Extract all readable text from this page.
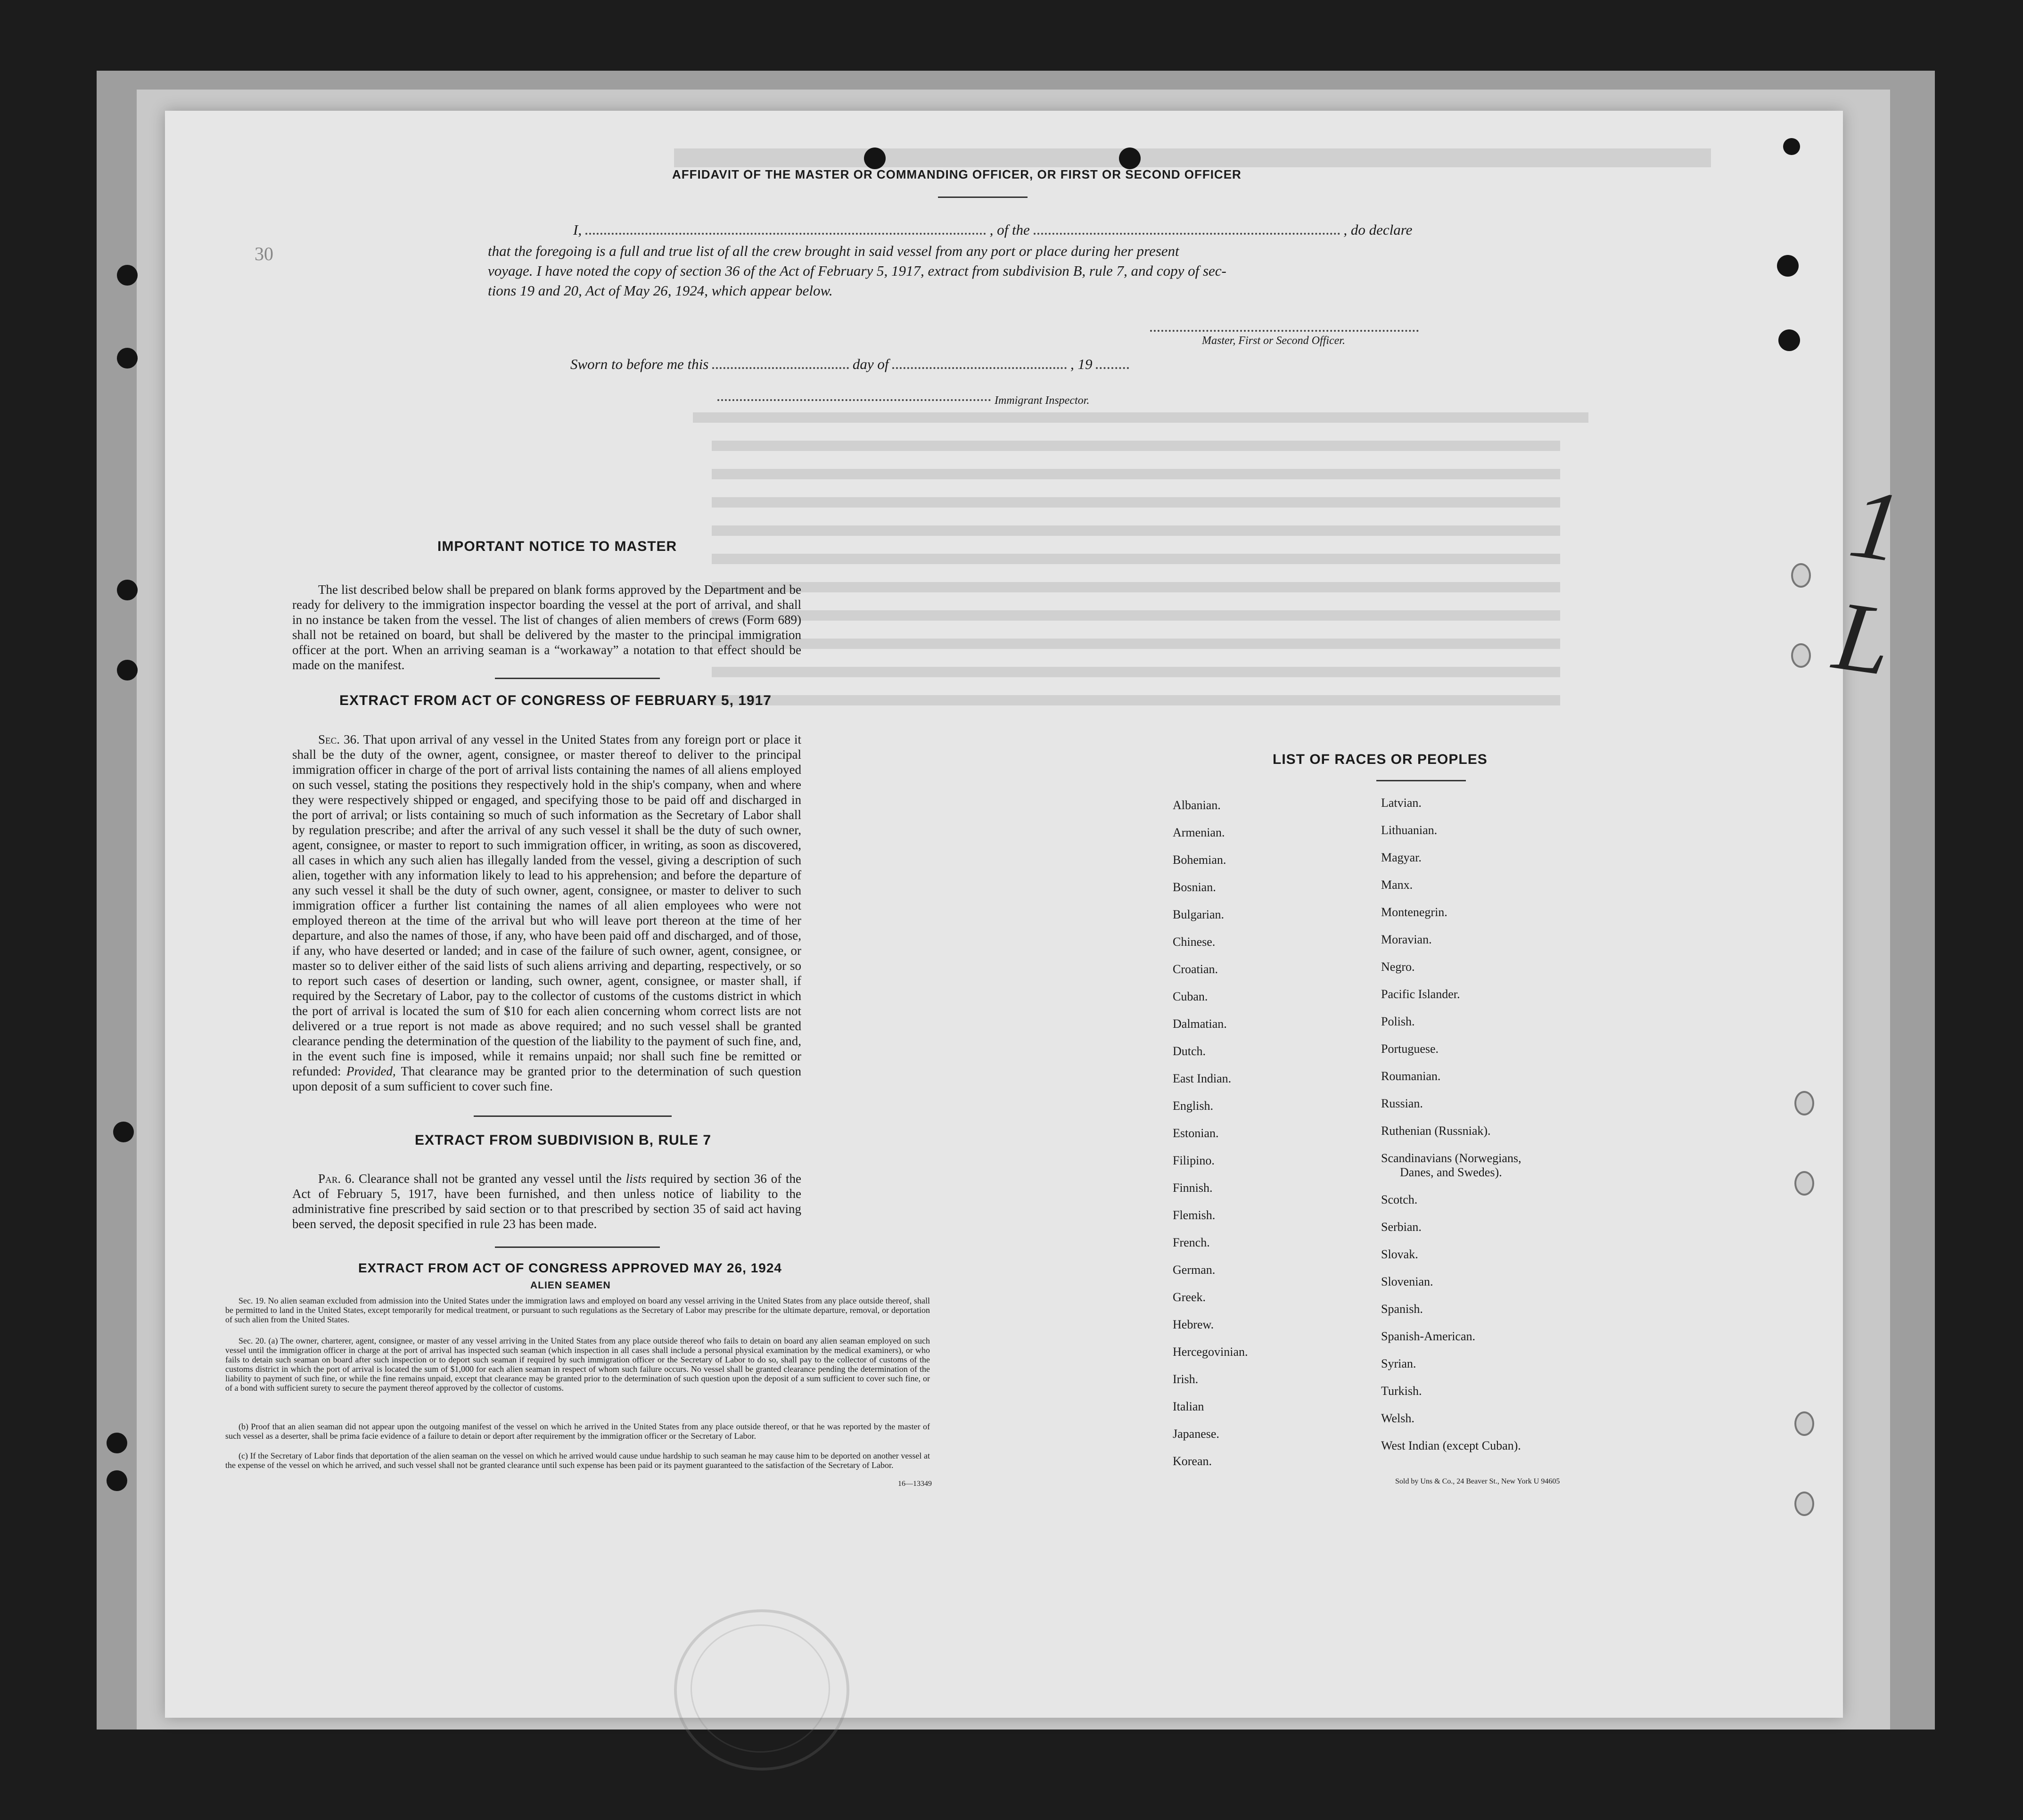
30
1 L
AFFIDAVIT OF THE MASTER OR COMMANDING OFFICER, OR FIRST OR SECOND OFFICER
I,	, of the	, do declare
that the foregoing is a full and true list of all the crew brought in said vessel from any port or place during her present
voyage. I have noted the copy of section 36 of the Act of February 5, 1917, extract from subdivision B, rule 7, and copy of sec-
tions 19 and 20, Act of May 26, 1924, which appear below.
Master, First or Second Officer.
Sworn to before me this	day of	, 19
Immigrant Inspector.
IMPORTANT NOTICE TO MASTER
The list described below shall be prepared on blank forms approved by the Department and be ready for delivery to the immigration inspector boarding the vessel at the port of arrival, and shall in no instance be taken from the vessel. The list of changes of alien members of crews (Form 689) shall not be retained on board, but shall be delivered by the master to the principal immigration officer at the port. When an arriving seaman is a “workaway” a notation to that effect should be made on the manifest.
EXTRACT FROM ACT OF CONGRESS OF FEBRUARY 5, 1917
Sec. 36. That upon arrival of any vessel in the United States from any foreign port or place it shall be the duty of the owner, agent, consignee, or master thereof to deliver to the principal immigration officer in charge of the port of arrival lists containing the names of all aliens employed on such vessel, stating the positions they respectively hold in the ship's company, when and where they were respectively shipped or engaged, and specifying those to be paid off and discharged in the port of arrival; or lists containing so much of such information as the Secretary of Labor shall by regulation prescribe; and after the arrival of any such vessel it shall be the duty of such owner, agent, consignee, or master to report to such immigration officer, in writing, as soon as discovered, all cases in which any such alien has illegally landed from the vessel, giving a description of such alien, together with any information likely to lead to his apprehension; and before the departure of any such vessel it shall be the duty of such owner, agent, consignee, or master to deliver to such immigration officer a further list containing the names of all alien employees who were not employed thereon at the time of the arrival but who will leave port thereon at the time of her departure, and also the names of those, if any, who have been paid off and discharged, and of those, if any, who have deserted or landed; and in case of the failure of such owner, agent, consignee, or master so to deliver either of the said lists of such aliens arriving and departing, respectively, or so to report such cases of desertion or landing, such owner, agent, consignee, or master shall, if required by the Secretary of Labor, pay to the collector of customs of the customs district in which the port of arrival is located the sum of $10 for each alien concerning whom correct lists are not delivered or a true report is not made as above required; and no such vessel shall be granted clearance pending the determination of the question of the liability to the payment of such fine, and, in the event such fine is imposed, while it remains unpaid; nor shall such fine be remitted or refunded: Provided, That clearance may be granted prior to the determination of such question upon deposit of a sum sufficient to cover such fine.
EXTRACT FROM SUBDIVISION B, RULE 7
Par. 6. Clearance shall not be granted any vessel until the lists required by section 36 of the Act of February 5, 1917, have been furnished, and then unless notice of liability to the administrative fine prescribed by said section or to that prescribed by section 35 of said act having been served, the deposit specified in rule 23 has been made.
EXTRACT FROM ACT OF CONGRESS APPROVED MAY 26, 1924
ALIEN SEAMEN
Sec. 19. No alien seaman excluded from admission into the United States under the immigration laws and employed on board any vessel arriving in the United States from any place outside thereof, shall be permitted to land in the United States, except temporarily for medical treatment, or pursuant to such regulations as the Secretary of Labor may prescribe for the ultimate departure, removal, or deportation of such alien from the United States.
Sec. 20. (a) The owner, charterer, agent, consignee, or master of any vessel arriving in the United States from any place outside thereof who fails to detain on board any alien seaman employed on such vessel until the immigration officer in charge at the port of arrival has inspected such seaman (which inspection in all cases shall include a personal physical examination by the medical examiners), or who fails to detain such seaman on board after such inspection or to deport such seaman if required by such immigration officer or the Secretary of Labor to do so, shall pay to the collector of customs of the customs district in which the port of arrival is located the sum of $1,000 for each alien seaman in respect of whom such failure occurs. No vessel shall be granted clearance pending the determination of the liability to payment of such fine, or while the fine remains unpaid, except that clearance may be granted prior to the determination of such question upon the deposit of a sum sufficient to cover such fine, or of a bond with sufficient surety to secure the payment thereof approved by the collector of customs.
(b) Proof that an alien seaman did not appear upon the outgoing manifest of the vessel on which he arrived in the United States from any place outside thereof, or that he was reported by the master of such vessel as a deserter, shall be prima facie evidence of a failure to detain or deport after requirement by the immigration officer or the Secretary of Labor.
(c) If the Secretary of Labor finds that deportation of the alien seaman on the vessel on which he arrived would cause undue hardship to such seaman he may cause him to be deported on another vessel at the expense of the vessel on which he arrived, and such vessel shall not be granted clearance until such expense has been paid or its payment guaranteed to the satisfaction of the Secretary of Labor.
16—13349
LIST OF RACES OR PEOPLES
Albanian.
Armenian.
Bohemian.
Bosnian.
Bulgarian.
Chinese.
Croatian.
Cuban.
Dalmatian.
Dutch.
East Indian.
English.
Estonian.
Filipino.
Finnish.
Flemish.
French.
German.
Greek.
Hebrew.
Hercegovinian.
Irish.
Italian
Japanese.
Korean.
Latvian.
Lithuanian.
Magyar.
Manx.
Montenegrin.
Moravian.
Negro.
Pacific Islander.
Polish.
Portuguese.
Roumanian.
Russian.
Ruthenian (Russniak).
Scandinavians (Norwegians,
Danes, and Swedes).
Scotch.
Serbian.
Slovak.
Slovenian.
Spanish.
Spanish-American.
Syrian.
Turkish.
Welsh.
West Indian (except Cuban).
Sold by Uns & Co., 24 Beaver St., New York U 94605
